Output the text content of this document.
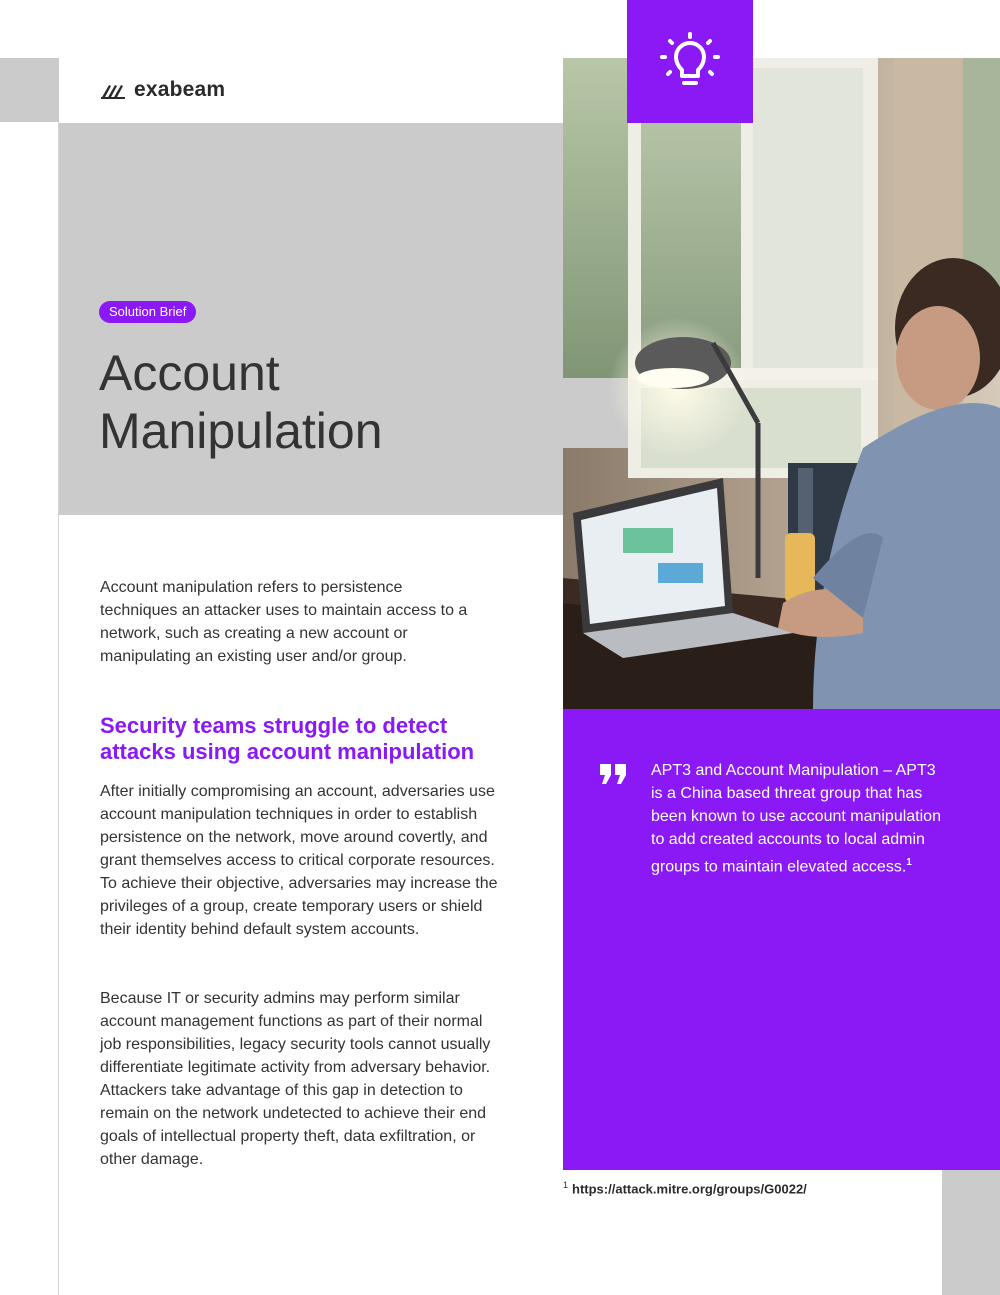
exabeam
Solution Brief
Account
Manipulation
Account manipulation refers to persistence techniques an attacker uses to maintain access to a network, such as creating a new account or manipulating an existing user and/or group.
Security teams struggle to detect attacks using account manipulation
After initially compromising an account, adversaries use account manipulation techniques in order to establish persistence on the network, move around covertly, and grant themselves access to critical corporate resources. To achieve their objective, adversaries may increase the privileges of a group, create temporary users or shield their identity behind default system accounts.
Because IT or security admins may perform similar account management functions as part of their normal job responsibilities, legacy security tools cannot usually differentiate legitimate activity from adversary behavior. Attackers take advantage of this gap in detection to remain on the network undetected to achieve their end goals of intellectual property theft, data exfiltration, or other damage.
APT3 and Account Manipulation – APT3 is a China based threat group that has been known to use account manipulation to add created accounts to local admin groups to maintain elevated access.$^1$
$^1$ https://attack.mitre.org/groups/G0022/
